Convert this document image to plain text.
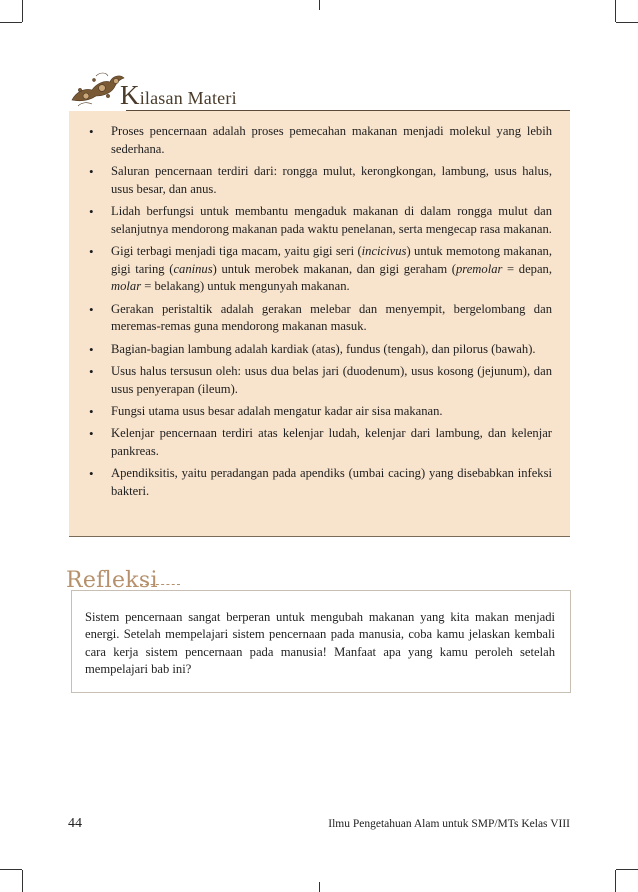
Kilasan Materi
• Proses pencernaan adalah proses pemecahan makanan menjadi molekul yang lebih sederhana.
• Saluran pencernaan terdiri dari: rongga mulut, kerongkongan, lambung, usus halus, usus besar, dan anus.
• Lidah berfungsi untuk membantu mengaduk makanan di dalam rongga mulut dan selanjutnya mendorong makanan pada waktu penelanan, serta mengecap rasa makanan.
• Gigi terbagi menjadi tiga macam, yaitu gigi seri (incicivus) untuk memotong makanan, gigi taring (caninus) untuk merobek makanan, dan gigi geraham (premolar = depan, molar = belakang) untuk mengunyah makanan.
• Gerakan peristaltik adalah gerakan melebar dan menyempit, bergelombang dan meremas-remas guna mendorong makanan masuk.
• Bagian-bagian lambung adalah kardiak (atas), fundus (tengah), dan pilorus (bawah).
• Usus halus tersusun oleh: usus dua belas jari (duodenum), usus kosong (jejunum), dan usus penyerapan (ileum).
• Fungsi utama usus besar adalah mengatur kadar air sisa makanan.
• Kelenjar pencernaan terdiri atas kelenjar ludah, kelenjar dari lambung, dan kelenjar pankreas.
• Apendiksitis, yaitu peradangan pada apendiks (umbai cacing) yang disebabkan infeksi bakteri.
Refleksi
Sistem pencernaan sangat berperan untuk mengubah makanan yang kita makan menjadi energi. Setelah mempelajari sistem pencernaan pada manusia, coba kamu jelaskan kembali cara kerja sistem pencernaan pada manusia! Manfaat apa yang kamu peroleh setelah mempelajari bab ini?
44	Ilmu Pengetahuan Alam untuk SMP/MTs Kelas VIII
